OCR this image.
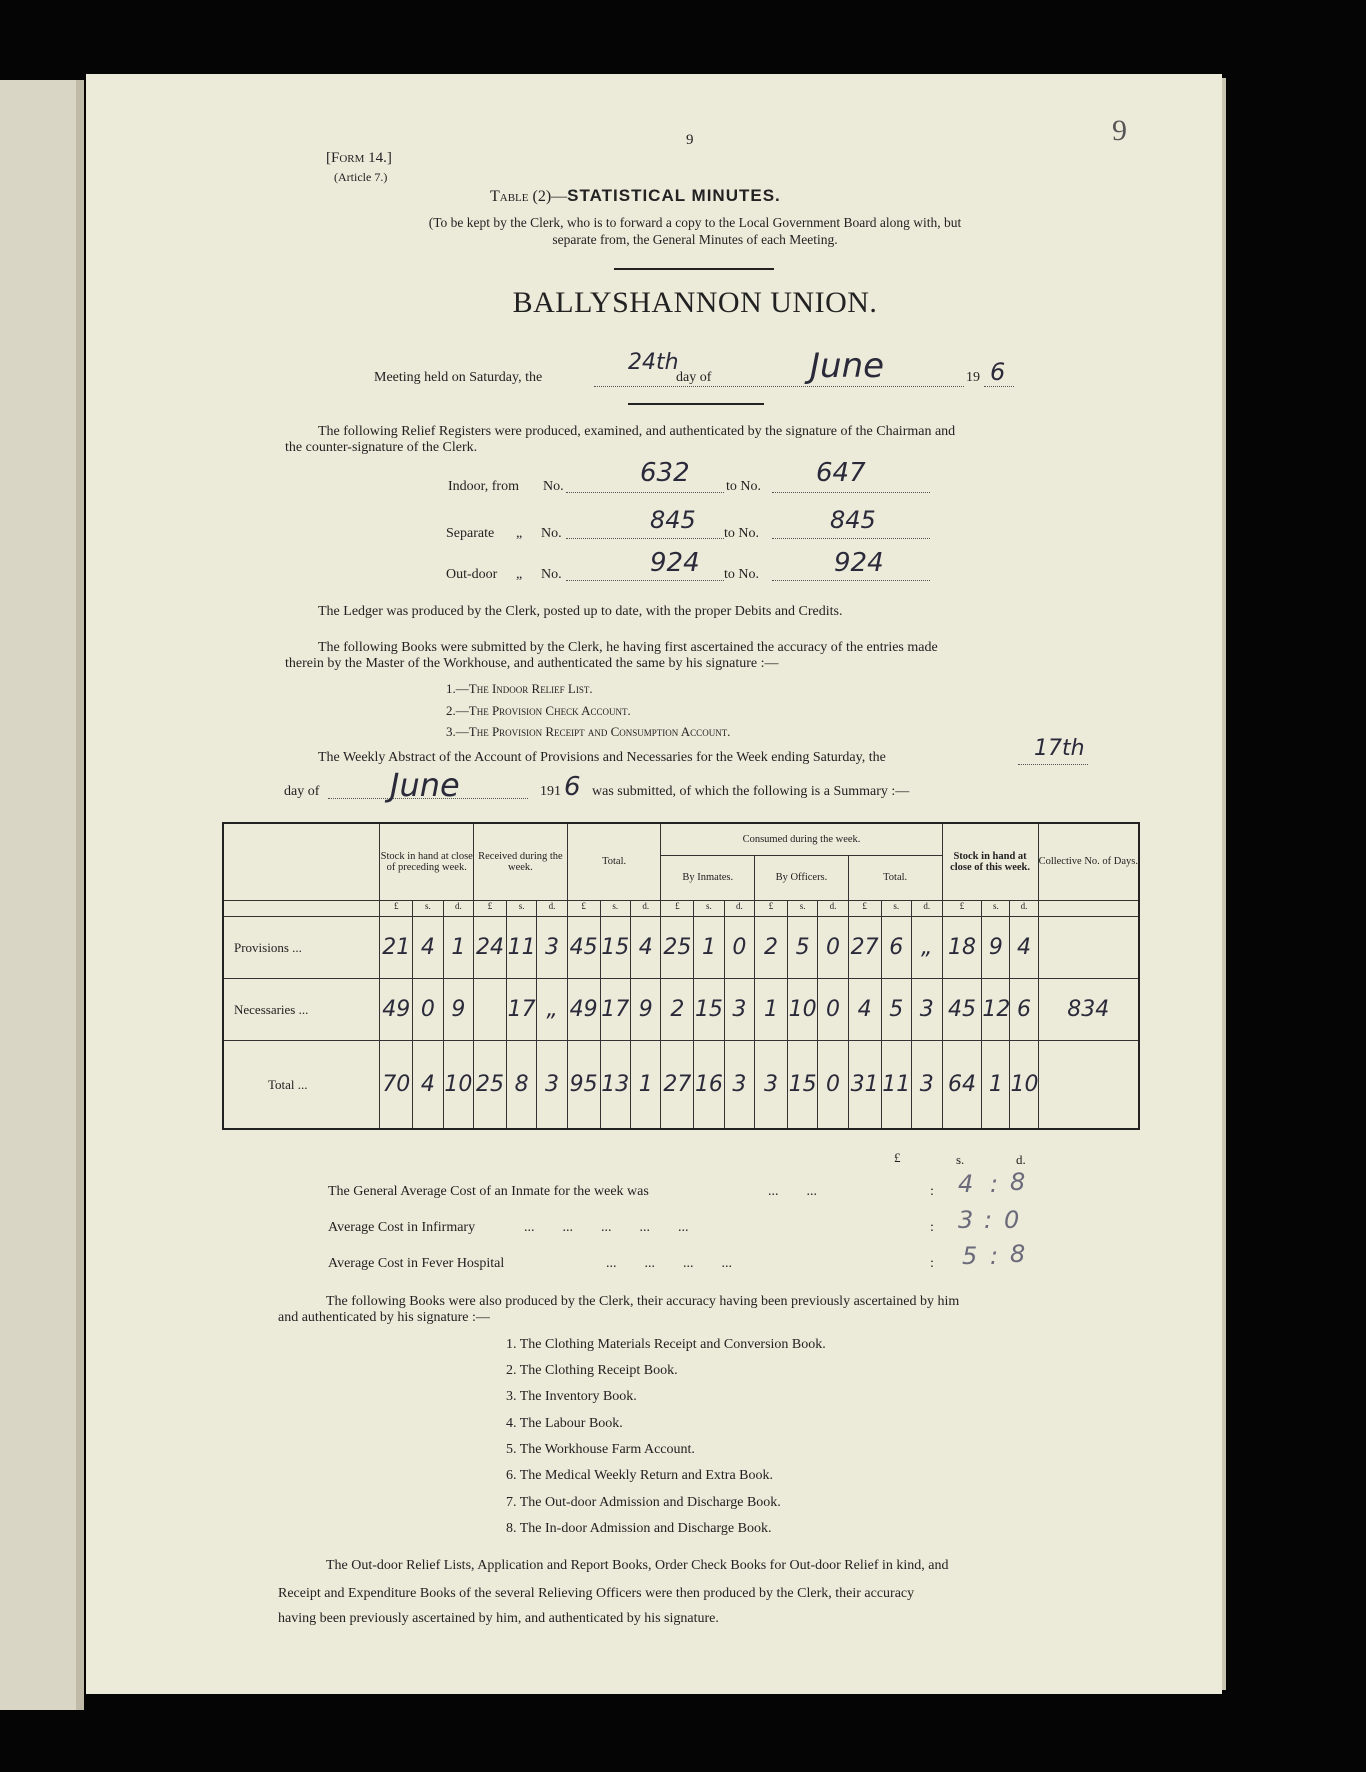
9	9
[Form 14.]
(Article 7.)
Table (2)—STATISTICAL MINUTES.
(To be kept by the Clerk, who is to forward a copy to the Local Government Board along with, but
separate from, the General Minutes of each Meeting.
BALLYSHANNON UNION.
Meeting held on Saturday, the
24th
day of	June	19 6
The following Relief Registers were produced, examined, and authenticated by the signature of the Chairman and
the counter-signature of the Clerk.
Indoor, from No.	632	to No. 647
Separate „ No.	845 to No.	845
Out-door „ No.	924 to No.	924
The Ledger was produced by the Clerk, posted up to date, with the proper Debits and Credits.
The following Books were submitted by the Clerk, he having first ascertained the accuracy of the entries made
therein by the Master of the Workhouse, and authenticated the same by his signature :—
1.—The Indoor Relief List.
2.—The Provision Check Account.
3.—The Provision Receipt and Consumption Account.
The Weekly Abstract of the Account of Provisions and Necessaries for the Week ending Saturday, the	17th
day of June	191 6 was submitted, of which the following is a Summary :—
	Stock in hand at close of preceding week.			Received during the week.			Total.			Consumed during the week.									Stock in hand at close of this week.			Collective No. of Days.
										By Inmates.			By Officers.			Total.						
	£	s.	d.	£	s.	d.	£	s.	d.	£	s.	d.	£	s.	d.	£	s.	d.	£	s.	d.	
Provisions ...	21	4	1	24	11	3	45	15	4	25	1	0	2	5	0	27	6	„	18	9	4	
Necessaries ...	49	0	9		17	„	49	17	9	2	15	3	1	10	0	4	5	3	45	12	6	834
Total ...	70	4	10	25	8	3	95	13	1	27	16	3	3	15	0	31	11	3	64	1	10	
£	s.	d.
The General Average Cost of an Inmate for the week was	...        ...	: 4 : 8
Average Cost in Infirmary	...        ...        ...        ...        ...	: 3 : 0
Average Cost in Fever Hospital	...        ...        ...        ...	: 5 : 8
The following Books were also produced by the Clerk, their accuracy having been previously ascertained by him
and authenticated by his signature :—
1. The Clothing Materials Receipt and Conversion Book.
2. The Clothing Receipt Book.
3. The Inventory Book.
4. The Labour Book.
5. The Workhouse Farm Account.
6. The Medical Weekly Return and Extra Book.
7. The Out-door Admission and Discharge Book.
8. The In-door Admission and Discharge Book.
The Out-door Relief Lists, Application and Report Books, Order Check Books for Out-door Relief in kind, and
Receipt and Expenditure Books of the several Relieving Officers were then produced by the Clerk, their accuracy
having been previously ascertained by him, and authenticated by his signature.
